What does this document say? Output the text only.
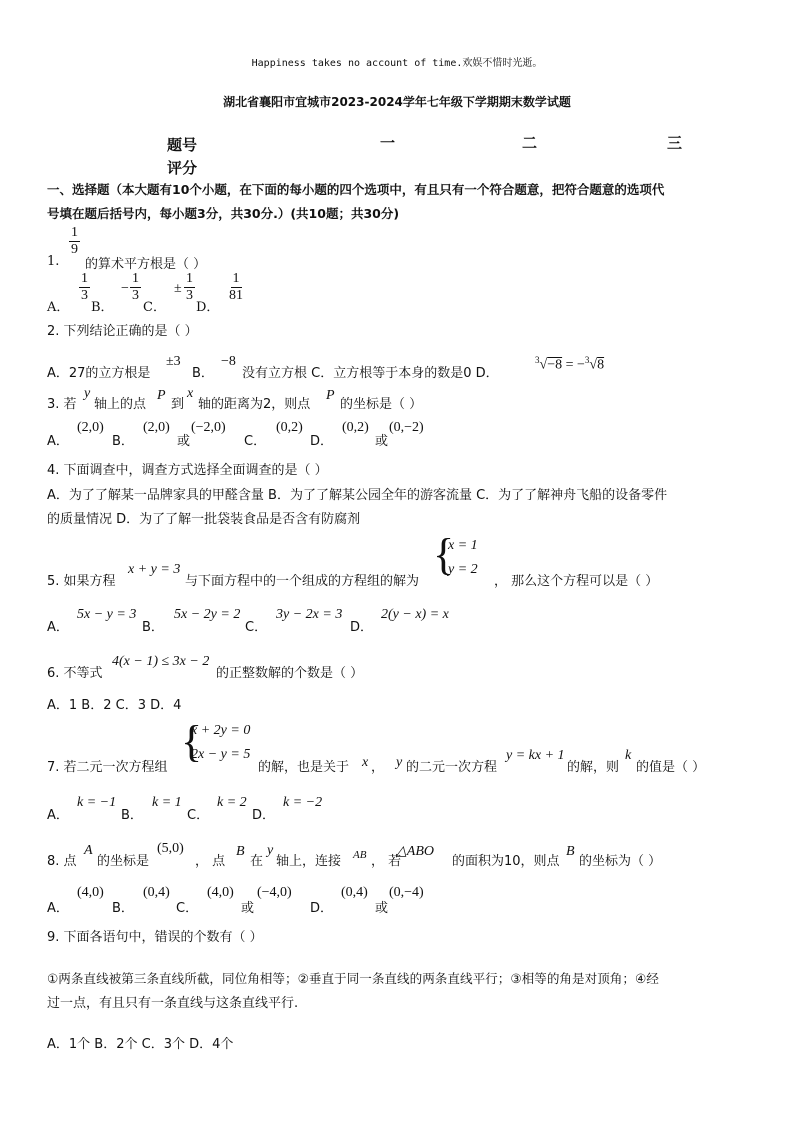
Happiness takes no account of time.欢娱不惜时光逝。
湖北省襄阳市宜城市2023-2024学年七年级下学期期末数学试题
题号	一	二	三
评分
一、选择题（本大题有10个小题，在下面的每小题的四个选项中，有且只有一个符合题意，把符合题意的选项代
号填在题后括号内，每小题3分，共30分.）(共10题；共30分)
$\frac{1}{9}$
1. 的算术平方根是（ ）
A．
$\frac{1}{3}$
B．
− $\frac{1}{3}$
C．
± $\frac{1}{3}$
D．
$\frac{1}{81}$
2. 下列结论正确的是（ ）
A．27的立方根是
±3
B．
−8
没有立方根 C．立方根等于本身的数是0 D．
$^3$√−8 = −$^3$√8
3. 若
y
轴上的点
P
到
x
轴的距离为2，则点
P
的坐标是（ ）
A．
(2,0)
B．
(2,0)
或
(−2,0)
C．
(0,2)
D．
(0,2)
或
(0,−2)
4. 下面调查中，调查方式选择全面调查的是（ ）
A．为了了解某一品牌家具的甲醛含量 B．为了了解某公园全年的游客流量 C．为了了解神舟飞船的设备零件
的质量情况 D．为了了解一批袋装食品是否含有防腐剂
5. 如果方程
x + y = 3
与下面方程中的一个组成的方程组的解为
{
x = 1
y = 2
， 那么这个方程可以是（ ）
A．
5x − y = 3
B．
5x − 2y = 2
C．
3y − 2x = 3
D．
2(y − x) = x
6. 不等式
4(x − 1) ≤ 3x − 2
的正整数解的个数是（ ）
A．1 B．2 C．3 D．4
7. 若二元一次方程组
{
x + 2y = 0
2x − y = 5
的解，也是关于 x ， y 的二元一次方程
y = kx + 1
的解，则
k
的值是（ ）
A．
k = −1
B．
k = 1
C．
k = 2
D．
k = −2
8. 点
A
的坐标是
(5,0)
， 点
B
在
y
轴上，连接 AB ， 若
△ABO
的面积为10，则点
B
的坐标为（ ）
A．
(4,0)
B．
(0,4)
C．
(4,0)
或
(−4,0)
D．
(0,4)
或
(0,−4)
9. 下面各语句中，错误的个数有（ ）
①两条直线被第三条直线所截，同位角相等；②垂直于同一条直线的两条直线平行；③相等的角是对顶角；④经
过一点，有且只有一条直线与这条直线平行.
A．1个 B．2个 C．3个 D．4个
